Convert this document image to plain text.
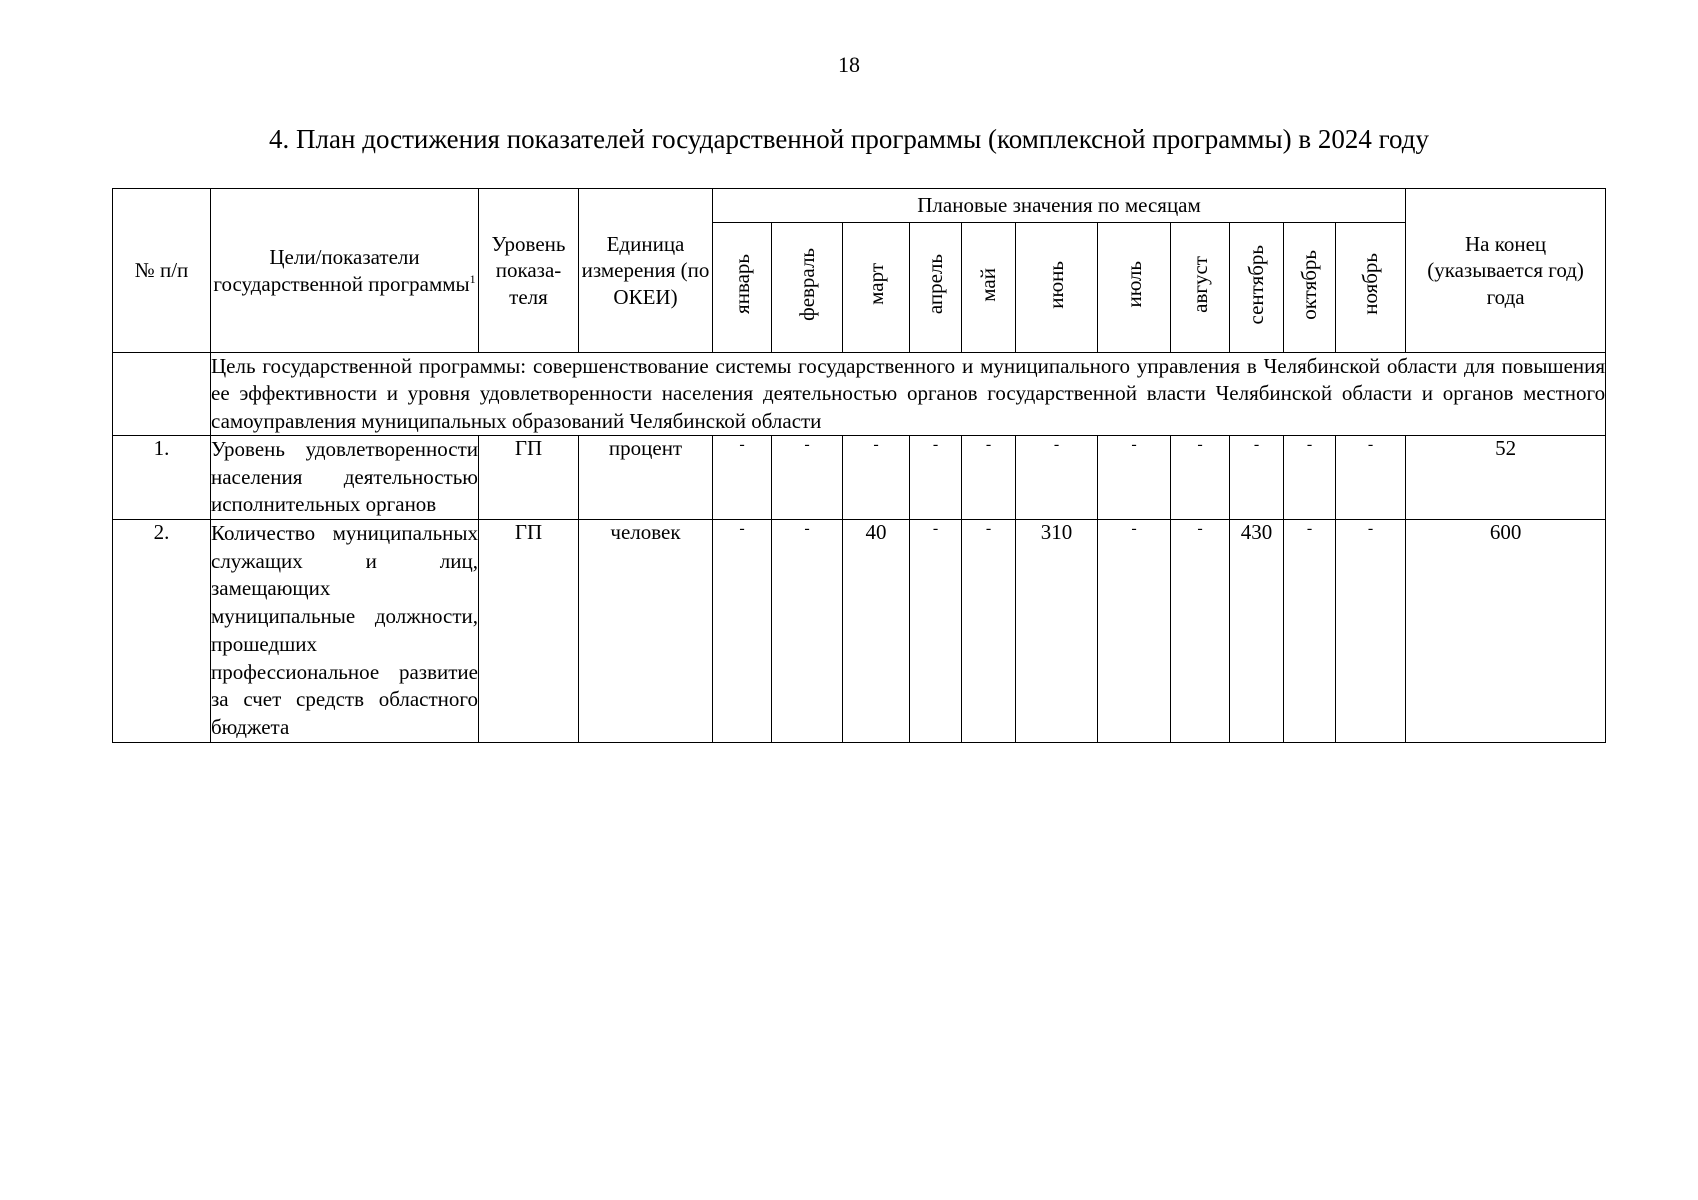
18
4. План достижения показателей государственной программы (комплексной программы) в 2024 году
№ п/п	Цели/показатели государственной программы$^1$	Уровень показа-теля	Единица измерения (по ОКЕИ)	Плановые значения по месяцам											На конец (указывается год) года
				январь	февраль	март	апрель	май	июнь	июль	август	сентябрь	октябрь	ноябрь	
	Цель государственной программы: совершенствование системы государственного и муниципального управления в Челябинской области для повышения ее эффективности и уровня удовлетворенности населения деятельностью органов государственной власти Челябинской области и органов местного самоуправления муниципальных образований Челябинской области														
1.	Уровень удовлетворенности населения деятельностью исполнительных органов	ГП	процент	-	-	-	-	-	-	-	-	-	-	-	52
2.	Количество муниципальных служащих и лиц, замещающих муниципальные должности, прошедших профессиональное развитие за счет средств областного бюджета	ГП	человек	-	-	40	-	-	310	-	-	430	-	-	600
